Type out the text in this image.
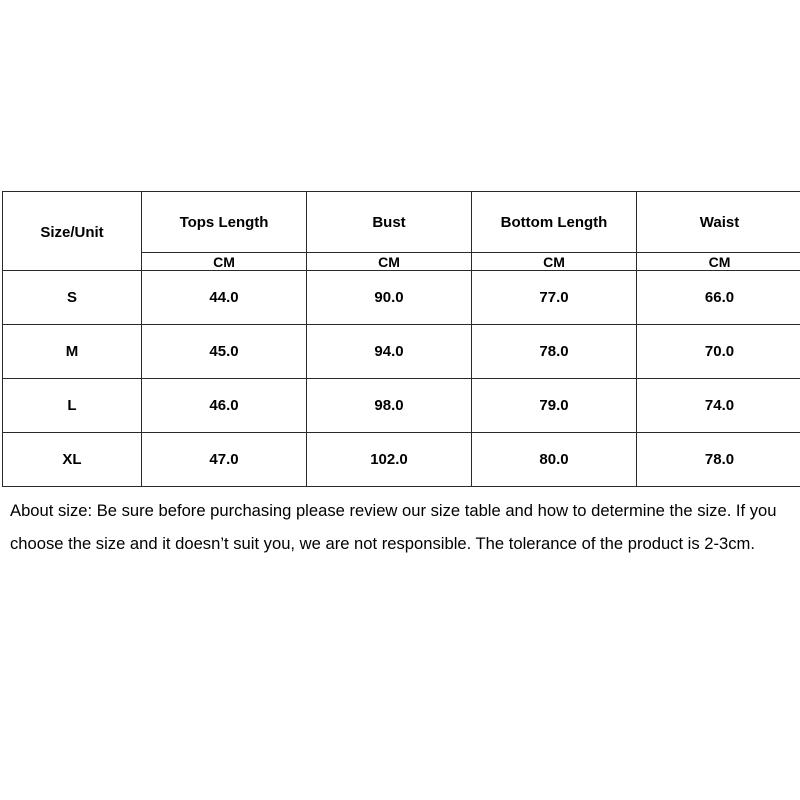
Size/Unit	Tops Length	Bust	Bottom Length	Waist
	CM	CM	CM	CM
S	44.0	90.0	77.0	66.0
M	45.0	94.0	78.0	70.0
L	46.0	98.0	79.0	74.0
XL	47.0	102.0	80.0	78.0

About size: Be sure before purchasing please review our size table and how to determine the size. If you choose the size and it doesn’t suit you, we are not responsible. The tolerance of the product is 2-3cm.
